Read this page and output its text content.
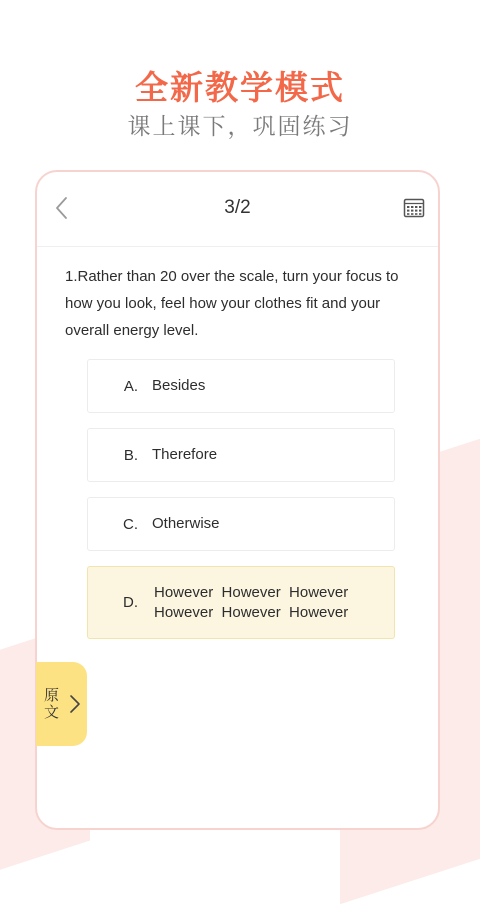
全新教学模式
课上课下，巩固练习
3/2
1.Rather than 20 over the scale, turn your focus to how you look, feel how your clothes fit and your overall energy level.
A. Besides
B. Therefore
C. Otherwise
D.
However  However  However However  However  However
原文
